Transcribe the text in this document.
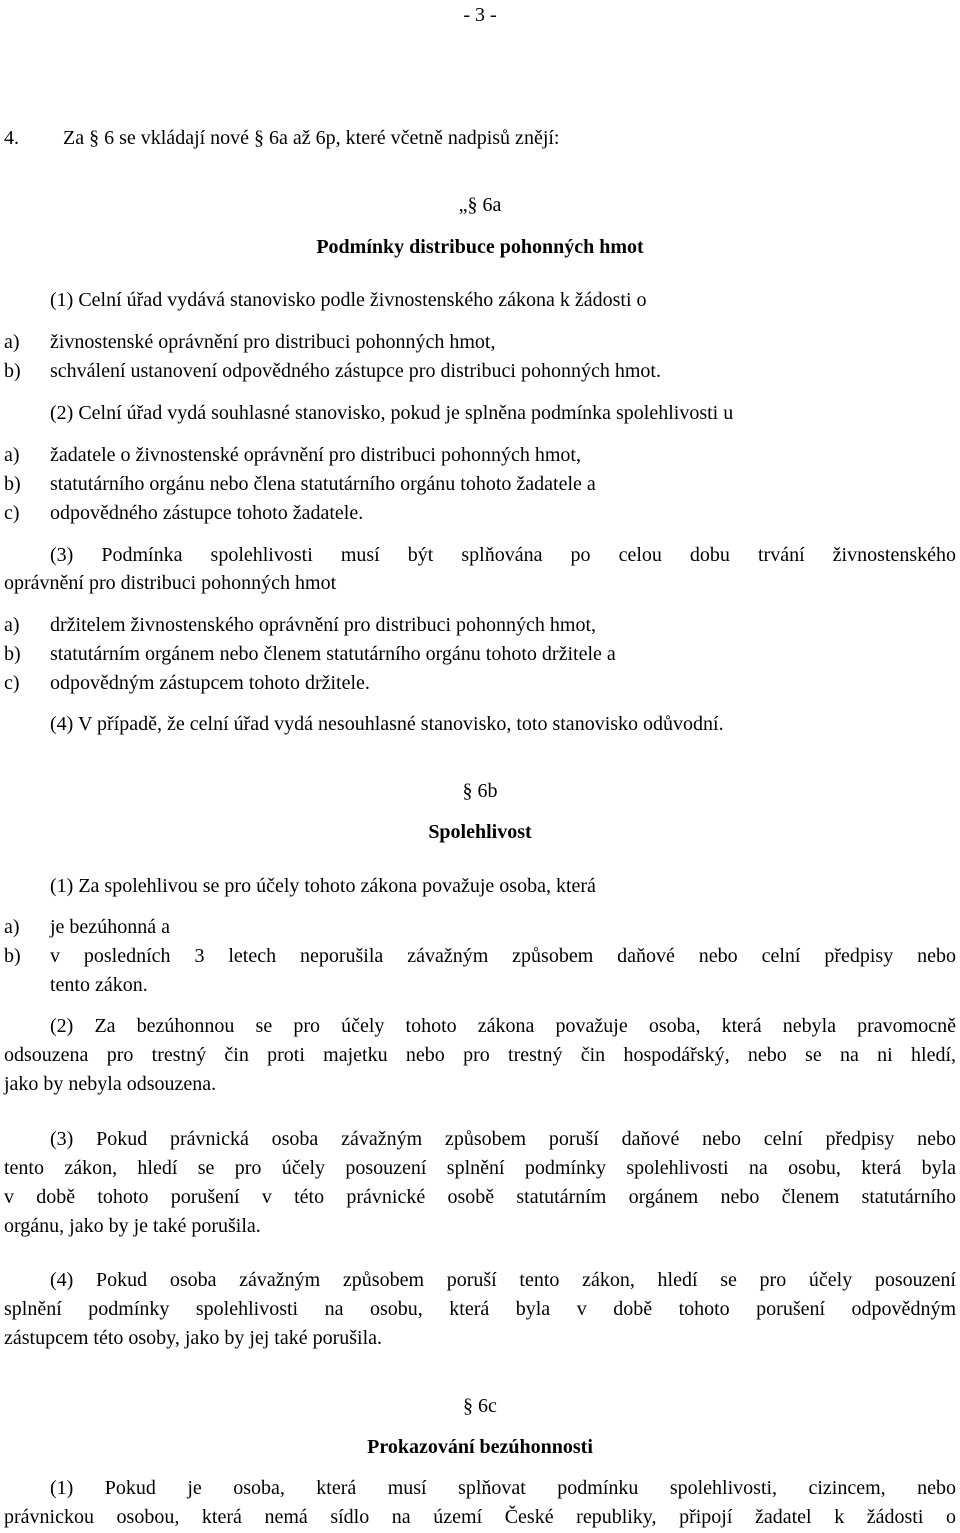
- 3 -
4. Za § 6 se vkládají nové § 6a až 6p, které včetně nadpisů znějí:
„§ 6a
Podmínky distribuce pohonných hmot
(1) Celní úřad vydává stanovisko podle živnostenského zákona k žádosti o
a) živnostenské oprávnění pro distribuci pohonných hmot,
b) schválení ustanovení odpovědného zástupce pro distribuci pohonných hmot.
(2) Celní úřad vydá souhlasné stanovisko, pokud je splněna podmínka spolehlivosti u
a) žadatele o živnostenské oprávnění pro distribuci pohonných hmot,
b) statutárního orgánu nebo člena statutárního orgánu tohoto žadatele a
c) odpovědného zástupce tohoto žadatele.
(3) Podmínka spolehlivosti musí být splňována po celou dobu trvání živnostenského
oprávnění pro distribuci pohonných hmot
a) držitelem živnostenského oprávnění pro distribuci pohonných hmot,
b) statutárním orgánem nebo členem statutárního orgánu tohoto držitele a
c) odpovědným zástupcem tohoto držitele.
(4) V případě, že celní úřad vydá nesouhlasné stanovisko, toto stanovisko odůvodní.
§ 6b
Spolehlivost
(1) Za spolehlivou se pro účely tohoto zákona považuje osoba, která
a) je bezúhonná a
b) v posledních 3 letech neporušila závažným způsobem daňové nebo celní předpisy nebo
tento zákon.
(2) Za bezúhonnou se pro účely tohoto zákona považuje osoba, která nebyla pravomocně
odsouzena pro trestný čin proti majetku nebo pro trestný čin hospodářský, nebo se na ni hledí,
jako by nebyla odsouzena.
(3) Pokud právnická osoba závažným způsobem poruší daňové nebo celní předpisy nebo
tento zákon, hledí se pro účely posouzení splnění podmínky spolehlivosti na osobu, která byla
v době tohoto porušení v této právnické osobě statutárním orgánem nebo členem statutárního
orgánu, jako by je také porušila.
(4) Pokud osoba závažným způsobem poruší tento zákon, hledí se pro účely posouzení
splnění podmínky spolehlivosti na osobu, která byla v době tohoto porušení odpovědným
zástupcem této osoby, jako by jej také porušila.
§ 6c
Prokazování bezúhonnosti
(1) Pokud je osoba, která musí splňovat podmínku spolehlivosti, cizincem, nebo
právnickou osobou, která nemá sídlo na území České republiky, připojí žadatel k žádosti o
